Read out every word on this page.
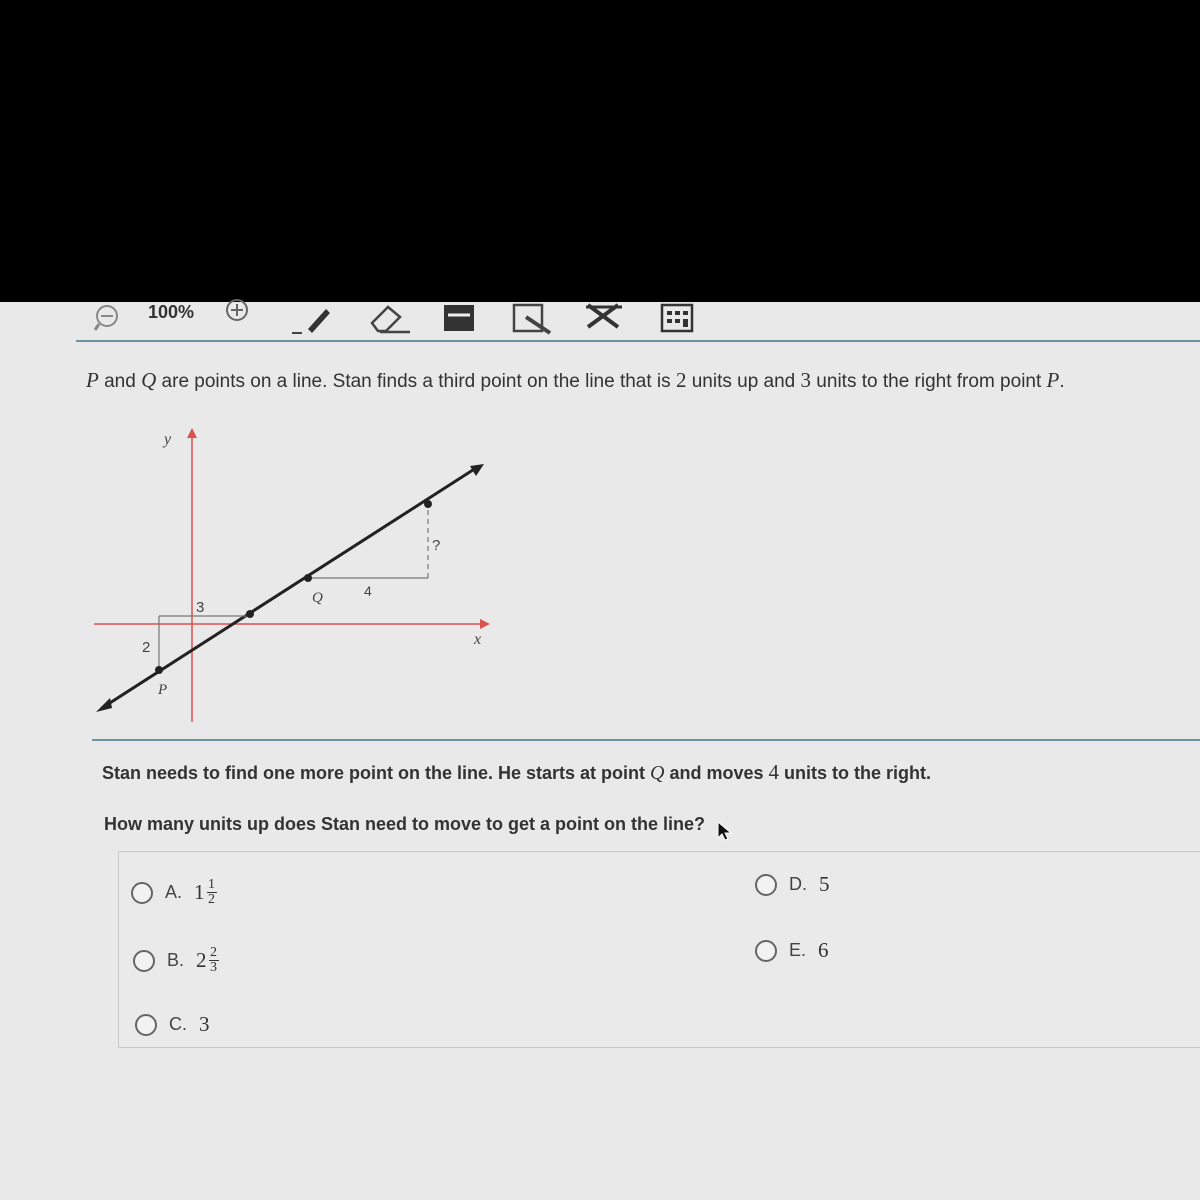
100%
P and Q are points on a line. Stan finds a third point on the line that is 2 units up and 3 units to the right from point P.
y
x
2
3
4
?
P
Q
Stan needs to find one more point on the line. He starts at point Q and moves 4 units to the right.
How many units up does Stan need to move to get a point on the line?
A. $1 \frac{1}{2}$
B. $2 \frac{2}{3}$
C. 3
D. 5
E. 6
